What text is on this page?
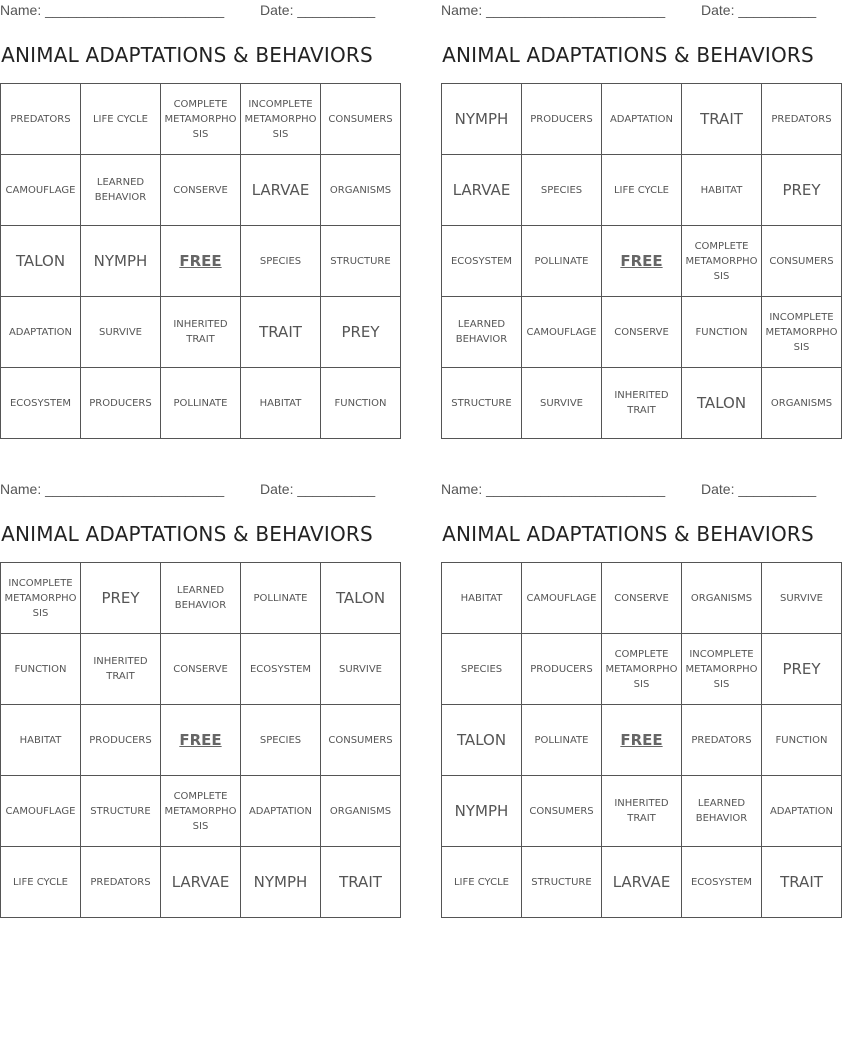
Name: _______________________	Date: __________
ANIMAL ADAPTATIONS & BEHAVIORS
PREDATORS	LIFE CYCLE	COMPLETE METAMORPHOSIS	INCOMPLETE METAMORPHOSIS	CONSUMERS
CAMOUFLAGE	LEARNED BEHAVIOR	CONSERVE	LARVAE	ORGANISMS
TALON	NYMPH	FREE	SPECIES	STRUCTURE
ADAPTATION	SURVIVE	INHERITED TRAIT	TRAIT	PREY
ECOSYSTEM	PRODUCERS	POLLINATE	HABITAT	FUNCTION
Name: _______________________	Date: __________
ANIMAL ADAPTATIONS & BEHAVIORS
NYMPH	PRODUCERS	ADAPTATION	TRAIT	PREDATORS
LARVAE	SPECIES	LIFE CYCLE	HABITAT	PREY
ECOSYSTEM	POLLINATE	FREE	COMPLETE METAMORPHOSIS	CONSUMERS
LEARNED BEHAVIOR	CAMOUFLAGE	CONSERVE	FUNCTION	INCOMPLETE METAMORPHOSIS
STRUCTURE	SURVIVE	INHERITED TRAIT	TALON	ORGANISMS
Name: _______________________	Date: __________
ANIMAL ADAPTATIONS & BEHAVIORS
INCOMPLETE METAMORPHOSIS	PREY	LEARNED BEHAVIOR	POLLINATE	TALON
FUNCTION	INHERITED TRAIT	CONSERVE	ECOSYSTEM	SURVIVE
HABITAT	PRODUCERS	FREE	SPECIES	CONSUMERS
CAMOUFLAGE	STRUCTURE	COMPLETE METAMORPHOSIS	ADAPTATION	ORGANISMS
LIFE CYCLE	PREDATORS	LARVAE	NYMPH	TRAIT
Name: _______________________	Date: __________
ANIMAL ADAPTATIONS & BEHAVIORS
HABITAT	CAMOUFLAGE	CONSERVE	ORGANISMS	SURVIVE
SPECIES	PRODUCERS	COMPLETE METAMORPHOSIS	INCOMPLETE METAMORPHOSIS	PREY
TALON	POLLINATE	FREE	PREDATORS	FUNCTION
NYMPH	CONSUMERS	INHERITED TRAIT	LEARNED BEHAVIOR	ADAPTATION
LIFE CYCLE	STRUCTURE	LARVAE	ECOSYSTEM	TRAIT
